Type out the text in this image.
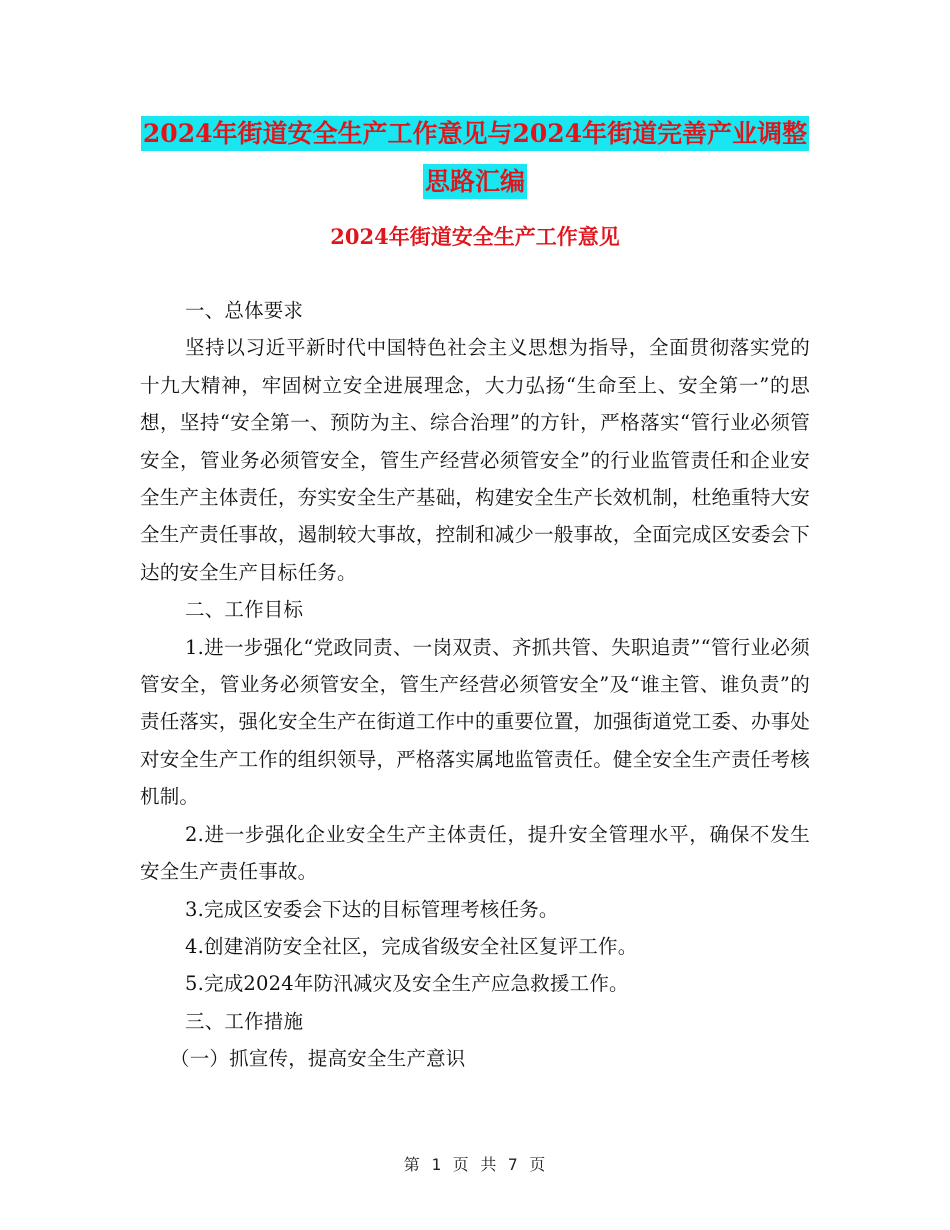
2024年街道安全生产工作意见与2024年街道完善产业调整思路汇编
2024年街道安全生产工作意见

一、总体要求

坚持以习近平新时代中国特色社会主义思想为指导，全面贯彻落实党的十九大精神，牢固树立安全进展理念，大力弘扬“生命至上、安全第一”的思想，坚持“安全第一、预防为主、综合治理”的方针，严格落实“管行业必须管安全，管业务必须管安全，管生产经营必须管安全”的行业监管责任和企业安全生产主体责任，夯实安全生产基础，构建安全生产长效机制，杜绝重特大安全生产责任事故，遏制较大事故，控制和减少一般事故，全面完成区安委会下达的安全生产目标任务。

二、工作目标

1.进一步强化“党政同责、一岗双责、齐抓共管、失职追责”“管行业必须管安全，管业务必须管安全，管生产经营必须管安全”及“谁主管、谁负责”的责任落实，强化安全生产在街道工作中的重要位置，加强街道党工委、办事处对安全生产工作的组织领导，严格落实属地监管责任。健全安全生产责任考核机制。

2.进一步强化企业安全生产主体责任，提升安全管理水平，确保不发生安全生产责任事故。

3.完成区安委会下达的目标管理考核任务。

4.创建消防安全社区，完成省级安全社区复评工作。

5.完成2024年防汛减灾及安全生产应急救援工作。

三、工作措施

（一）抓宣传，提高安全生产意识

第 1 页 共 7 页
